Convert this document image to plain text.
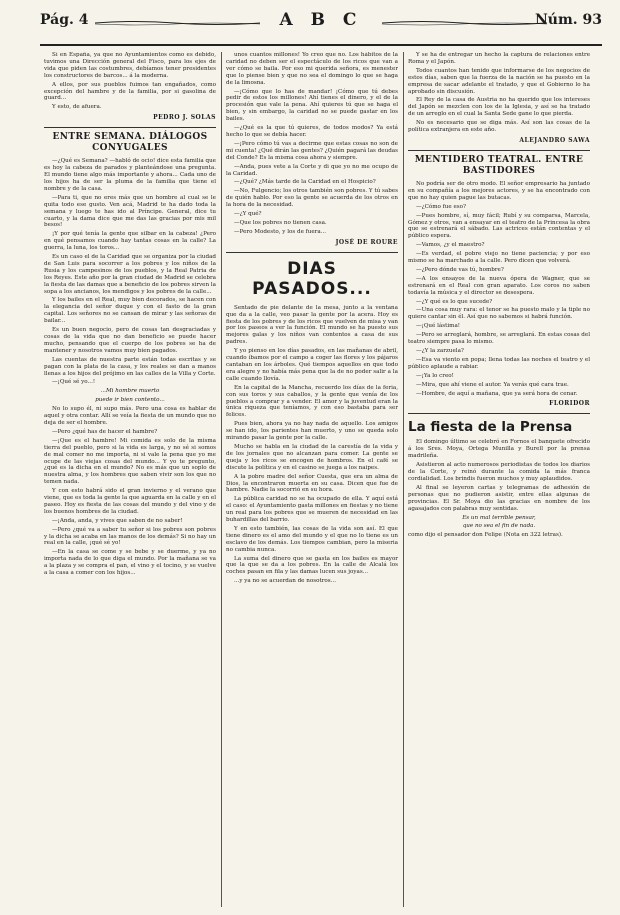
Pág. 4	A B C	Núm. 93

Sí en España, ya que no Ayuntamientos como es debido, tuvimos una Dirección general del Fisco, para los ejes de vida que piden las costumbres, debíamos tener presidentes los constructores de barcos... á la moderna.

A ellos, por sus pueblos fuimos tan engañados, como excepción del hambre y de la familia, por si gasolina de guard...

Y esto, de afuera.

PEDRO J. SOLAS
ENTRE SEMANA. DIÁLOGOS CONYUGALES

—¿Qué es Semana? —habló de ocio! dice esta familia que es hoy la cabeza de parados y planteándose una pregunta. El mundo tiene algo más importante y ahora... Cada uno de los hijos ha de ser la pluma de la familia que tiene el nombre y de la casa.

—Para ti, que no eres más que un hombre al cual se le quita todo ese gusto. Ven acá, Madrid te ha dado toda la semana y luego te has ido al Príncipe. General, dice tu cuarto, y la dama dice que me das las gracias por mis mil besos!

¡Y por qué tenía la gente que silbar en la cabeza! ¿Pero en qué pensamos cuando hay tantas cosas en la calle? La guerra, la luna, los toros...

Es un caso el de la Caridad que se organiza por la ciudad de San Luis para socorrer a los pobres y los niños de la Rusia y los campesinos de los pueblos, y la Real Patria de los Reyes. Este año por la gran ciudad de Madrid se celebra la fiesta de las damas que a beneficio de los pobres sirven la sopa a los ancianos, los mendigos y los pobres de la calle...

Y los bailes en el Real, muy bien decorados, se hacen con la elegancia del señor duque y con el fasto de la gran capital. Los señores no se cansan de mirar y las señoras de bailar...

Es un buen negocio, pero de cosas tan desgraciadas y cosas de la vida que no dan beneficio se puede hacer mucho, pensando que el cuerpo de los pobres se ha de mantener y nosotros vamos muy bien pagados.

Las cuentas de nuestra parte están todas escritas y se pagan con la plata de la casa, y los reales se dan a manos llenas a los hijos del prójimo en las calles de la Villa y Corte.

—¡Qué sé yo...!

...Mi hombre muerto

puede ir bien contento...

No lo supo él, ni supo más. Pero una cosa es hablar de aquel y otra contar. Allí se veía la fiesta de un mundo que no deja de ser el hombre.

—Pero ¿qué has de hacer el hambre?

—¡Que es el hambre! Mi comida es solo de la misma tierra del pueblo, pero si la vida es larga, y no sé si somos de mal comer no me importa, ni si vale la pena que yo me ocupe de las viejas cosas del mundo... Y yo te pregunto, ¿qué es la dicha en el mundo? No es más que un soplo de nuestra alma, y los hombres que saben vivir son los que no temen nada.

Y con esto habrá sido el gran invierno y el verano que viene, que es toda la gente la que aguarda en la calle y en el paseo. Hoy es fiesta de las cosas del mundo y del vino y de los buenos hombres de la ciudad.

—¡Anda, anda, y vives que saben de no saber!

—Pero ¿qué va a saber tu señor si los pobres son pobres y la dicha se acaba en las manos de los demás? Si no hay un real en la calle, ¡qué sé yo!

—En la casa se come y se bebe y se duerme, y ya no importa nada de lo que diga el mundo. Por la mañana se va a la plaza y se compra el pan, el vino y el tocino, y se vuelve a la casa a comer con los hijos...

unos cuantos millones! Yo creo que no. Los hábitos de la caridad no deben ser el espectáculo de los ricos que van a ver cómo se baila. Por eso mi querida señora, es menester que lo piense bien y que no sea el domingo lo que se haga de la limosna.

—¡Cómo que lo has de mandar! ¡Cómo que tú debes pedir de estos los millones! Ahí tienes el dinero, y el de la procesión que vale la pena. Ahí quieres tú que se haga el bien, y sin embargo, la caridad no se puede gastar en los bailes.

—¿Qué es la que tú quieres, de todos modos? Ya está hecho lo que se debía hacer.

—¡Pero cómo tú vas a decirme que estas cosas no son de mi cuenta! ¿Qué dirán las gentes? ¿Quién pagará las deudas del Conde? Es la misma cosa ahora y siempre.

—Anda, pues vete a la Corte y di que yo no me ocupo de la Caridad.

—¿Qué? ¿Más tarde de la Caridad en el Hospicio?

—No, Fulgencio; los otros también son pobres. Y tú sabes de quién hablo. Por eso la gente se acuerda de los otros en la hora de la necesidad.

—¿Y qué?

—Que los pobres no tienen casa.

—Pero Modesto, y los de fuera...

JOSÉ DE ROURE
DIAS PASADOS...

Sentado de pie delante de la mesa, junto a la ventana que da a la calle, veo pasar la gente por la acera. Hoy es fiesta de los pobres y de los ricos que vuelven de misa y van por los paseos a ver la función. El mundo se ha puesto sus mejores galas y los niños van contentos a casa de sus padres.

Y yo pienso en los días pasados, en las mañanas de abril, cuando íbamos por el campo a coger las flores y los pájaros cantaban en los árboles. Qué tiempos aquellos en que todo era alegre y no había más pena que la de no poder salir a la calle cuando llovía.

En la capital de la Mancha, recuerdo los días de la feria, con sus toros y sus caballos, y la gente que venía de los pueblos a comprar y a vender. El amor y la juventud eran la única riqueza que teníamos, y con eso bastaba para ser felices.

Pues bien, ahora ya no hay nada de aquello. Los amigos se han ido, los parientes han muerto, y uno se queda solo mirando pasar la gente por la calle.

Mucho se habla en la ciudad de la carestía de la vida y de los jornales que no alcanzan para comer. La gente se queja y los ricos se encogen de hombros. En el café se discute la política y en el casino se juega a los naipes.

A la pobre madre del señor Cuesta, que era un alma de Dios, la encontraron muerta en su casa. Dicen que fue de hambre. Nadie la socorrió en su hora.

La pública caridad no se ha ocupado de ella. Y aquí está el caso: el Ayuntamiento gasta millones en fiestas y no tiene un real para los pobres que se mueren de necesidad en las buhardillas del barrio.

Y en esto también, las cosas de la vida son así. El que tiene dinero es el amo del mundo y el que no lo tiene es un esclavo de los demás. Los tiempos cambian, pero la miseria no cambia nunca.

La suma del dinero que se gasta en los bailes es mayor que la que se da a los pobres. En la calle de Alcalá los coches pasan en fila y las damas lucen sus joyas...

...y ya no se acuerdan de nosotros...

Y se ha de entregar un hecho la captura de relaciones entre Roma y el Japón.

Todos cuantos han tenido que informarse de los negocios de estos días, saben que la fuerza de la nación se ha puesto en la empresa de sacar adelante el tratado, y que el Gobierno lo ha aprobado sin discusión.

El Rey de la casa de Austria no ha querido que los intereses del Japón se mezclen con los de la Iglesia, y así se ha tratado de un arreglo en el cual la Santa Sede gane lo que pierda.

No es necesario que se diga más. Así son las cosas de la política extranjera en este año.

ALEJANDRO SAWA
MENTIDERO TEATRAL. ENTRE BASTIDORES

No podría ser de otro modo. El señor empresario ha juntado en su compañía a los mejores actores, y se ha encontrado con que no hay quien pague las butacas.

—¿Cómo fue eso?

—Pues hombre, sí, muy fácil; Rubí y su comparsa, Marcela, Gómez y otros, van a ensayar en el teatro de la Princesa la obra que se estrenará el sábado. Las actrices están contentas y el público espera.

—Vamos, ¿y el maestro?

—Es verdad, el pobre viejo no tiene paciencia; y por eso mismo se ha marchado a la calle. Pero dicen que volverá.

—¿Pero dónde vas tú, hombre?

—A los ensayos de la nueva ópera de Wagner, que se estrenará en el Real con gran aparato. Los coros no saben todavía la música y el director se desespera.

—¿Y qué es lo que sucede?

—Una cosa muy rara: el tenor se ha puesto malo y la tiple no quiere cantar sin él. Así que no sabemos si habrá función.

—¡Qué lástima!

—Pero se arreglará, hombre, se arreglará. En estas cosas del teatro siempre pasa lo mismo.

—¿Y la zarzuela?

—Esa va viento en popa; llena todas las noches el teatro y el público aplaude a rabiar.

—¡Ya lo creo!

—Mira, que ahí viene el autor. Ya verás qué cara trae.

—Hombre, de aquí a mañana, que ya será hora de cenar.

FLORIDOR
La fiesta de la Prensa

El domingo último se celebró en Fornos el banquete ofrecido á los Sres. Moya, Ortega Munilla y Burell por la prensa madrileña.

Asistieron al acto numerosos periodistas de todos los diarios de la Corte, y reinó durante la comida la más franca cordialidad. Los brindis fueron muchos y muy aplaudidos.

Al final se leyeron cartas y telegramas de adhesión de personas que no pudieron asistir, entre ellas algunas de provincias. El Sr. Moya dio las gracias en nombre de los agasajados con palabras muy sentidas.

Es un mal terrible pensar,

que no sea el fin de nada.

como dijo el pensador don Felipe (Nota en 322 letras).
